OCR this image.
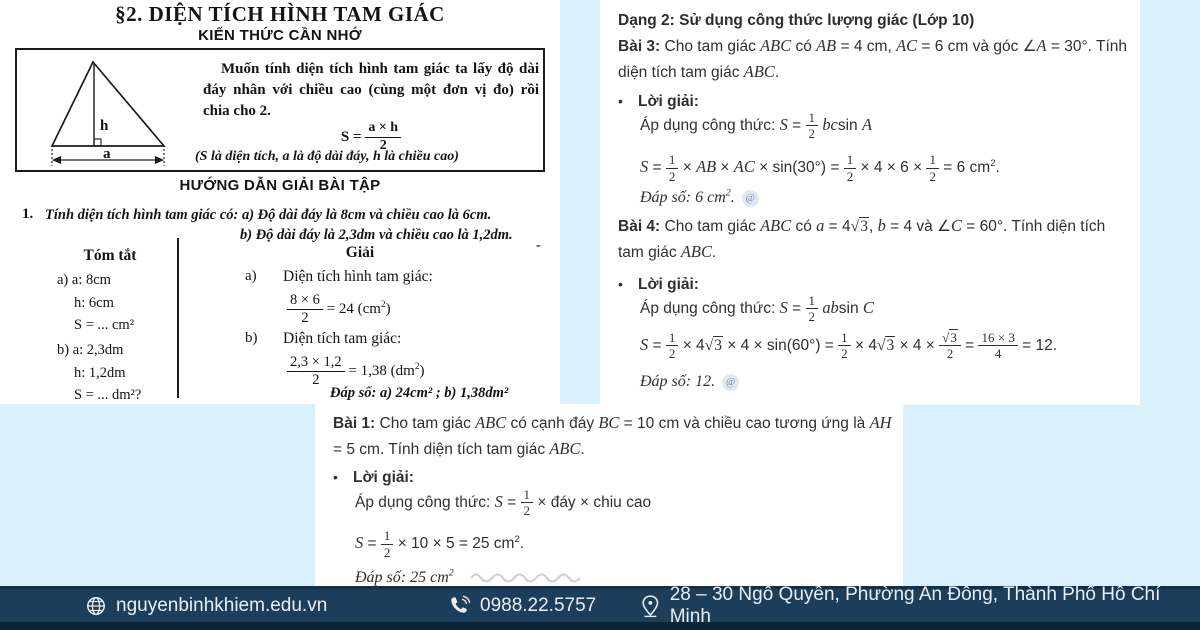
§2. DIỆN TÍCH HÌNH TAM GIÁC
KIẾN THỨC CẦN NHỚ
h
a
Muốn tính diện tích hình tam giác ta lấy độ dài đáy nhân với chiều cao (cùng một đơn vị đo) rồi chia cho 2.
$S = \frac{a \times h}{2}$
(S là diện tích, a là độ dài đáy, h là chiều cao)
HƯỚNG DẪN GIẢI BÀI TẬP
1. Tính diện tích hình tam giác có: a) Độ dài đáy là 8cm và chiều cao là 6cm.
b) Độ dài đáy là 2,3dm và chiều cao là 1,2dm.
Tóm tắt	Giải	-
a) a: 8cm
h: 6cm
S = ... cm²
b) a: 2,3dm
h: 1,2dm
S = ... dm²?
a) Diện tích hình tam giác:
$\frac{8 \times 6}{2} = 24$ $(cm^2)$
b) Diện tích tam giác:
$\frac{2,3 \times 1,2}{2} = 1,38$ $(dm^2)$
Đáp số: a) 24cm² ; b) 1,38dm²
Dạng 2: Sử dụng công thức lượng giác (Lớp 10)
Bài 3: Cho tam giác ABC có AB = 4 cm, AC = 6 cm và góc ∠A = 30°. Tính diện tích tam giác ABC.
• Lời giải:
Áp dụng công thức: $S = \frac{1}{2}$ bcsin A
$S = \frac{1}{2}$ × AB × AC × $\sin(30^\circ) = \frac{1}{2} \times 4 \times 6 \times \frac{1}{2} = 6$ $cm^2$.
Đáp số: 6 $cm^2$. @
Bài 4: Cho tam giác ABC có a = 4√3, b = 4 và ∠C = 60°. Tính diện tích tam giác ABC.
• Lời giải:
Áp dụng công thức: $S = \frac{1}{2}$ absin C
$S = \frac{1}{2} \times 4√3 \times 4 \times \sin(60^\circ) = \frac{1}{2} \times 4√3 \times 4 \times \frac{√3}{2} = \frac{16 \times 3}{4} = 12$.
Đáp số: 12. @
Bài 1: Cho tam giác ABC có cạnh đáy BC = 10 cm và chiều cao tương ứng là AH = 5 cm. Tính diện tích tam giác ABC.
• Lời giải:
Áp dụng công thức: $S = \frac{1}{2}$ × đáy × chiu cao
$S = \frac{1}{2} \times 10 \times 5 = 25$ $cm^2$.
Đáp số: 25 $cm^2$
nguyenbinhkhiem.edu.vn	0988.22.5757
28 – 30 Ngô Quyền, Phường An Đông, Thành Phố Hồ Chí Minh
